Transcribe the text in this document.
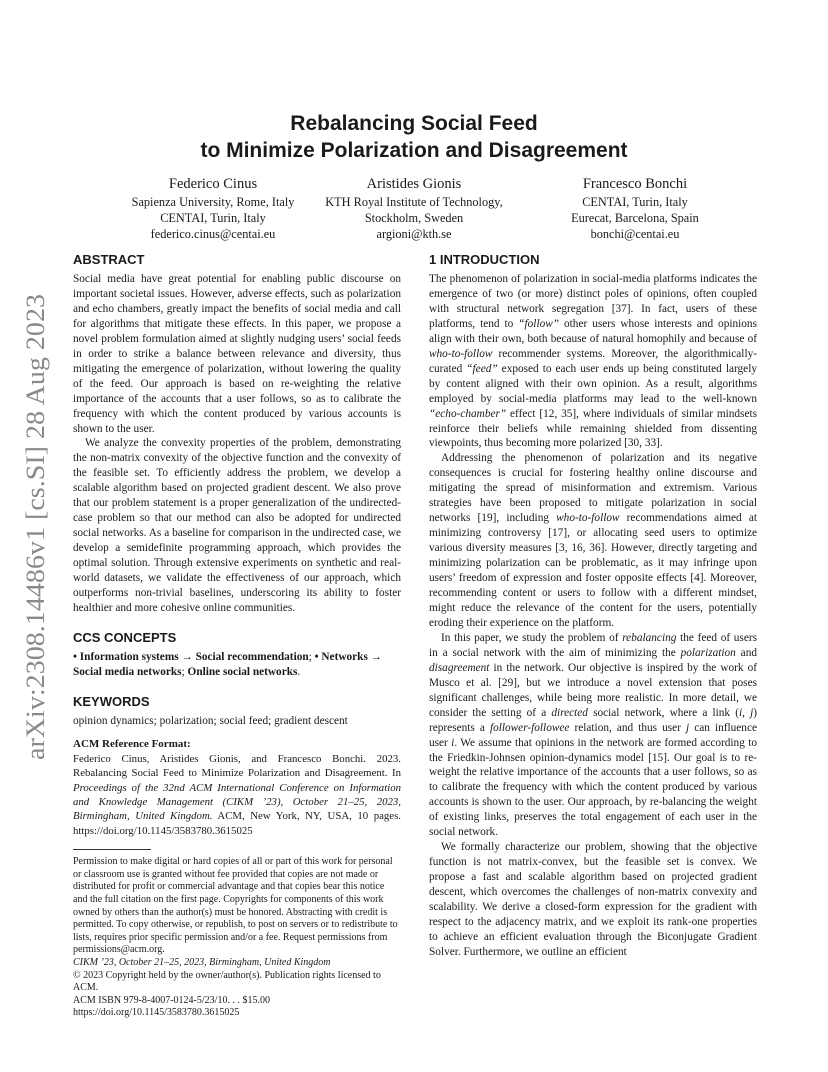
Rebalancing Social Feed
to Minimize Polarization and Disagreement
Federico Cinus
Sapienza University, Rome, Italy
CENTAI, Turin, Italy
federico.cinus@centai.eu
Aristides Gionis
KTH Royal Institute of Technology,
Stockholm, Sweden
argioni@kth.se
Francesco Bonchi
CENTAI, Turin, Italy
Eurecat, Barcelona, Spain
bonchi@centai.eu
arXiv:2308.14486v1 [cs.SI] 28 Aug 2023
ABSTRACT

Social media have great potential for enabling public discourse on important societal issues. However, adverse effects, such as polarization and echo chambers, greatly impact the benefits of social media and call for algorithms that mitigate these effects. In this paper, we propose a novel problem formulation aimed at slightly nudging users’ social feeds in order to strike a balance between relevance and diversity, thus mitigating the emergence of polarization, without lowering the quality of the feed. Our approach is based on re-weighting the relative importance of the accounts that a user follows, so as to calibrate the frequency with which the content produced by various accounts is shown to the user.

We analyze the convexity properties of the problem, demonstrating the non-matrix convexity of the objective function and the convexity of the feasible set. To efficiently address the problem, we develop a scalable algorithm based on projected gradient descent. We also prove that our problem statement is a proper generalization of the undirected-case problem so that our method can also be adopted for undirected social networks. As a baseline for comparison in the undirected case, we develop a semidefinite programming approach, which provides the optimal solution. Through extensive experiments on synthetic and real-world datasets, we validate the effectiveness of our approach, which outperforms non-trivial baselines, underscoring its ability to foster healthier and more cohesive online communities.

CCS CONCEPTS

• Information systems → Social recommendation; • Networks → Social media networks; Online social networks.

KEYWORDS

opinion dynamics; polarization; social feed; gradient descent

ACM Reference Format:

Federico Cinus, Aristides Gionis, and Francesco Bonchi. 2023. Rebalancing Social Feed to Minimize Polarization and Disagreement. In Proceedings of the 32nd ACM International Conference on Information and Knowledge Management (CIKM ’23), October 21–25, 2023, Birmingham, United Kingdom. ACM, New York, NY, USA, 10 pages. https://doi.org/10.1145/3583780.3615025

Permission to make digital or hard copies of all or part of this work for personal or classroom use is granted without fee provided that copies are not made or distributed for profit or commercial advantage and that copies bear this notice and the full citation on the first page. Copyrights for components of this work owned by others than the author(s) must be honored. Abstracting with credit is permitted. To copy otherwise, or republish, to post on servers or to redistribute to lists, requires prior specific permission and/or a fee. Request permissions from permissions@acm.org.

CIKM ’23, October 21–25, 2023, Birmingham, United Kingdom

© 2023 Copyright held by the owner/author(s). Publication rights licensed to ACM.

ACM ISBN 979-8-4007-0124-5/23/10. . . $15.00

https://doi.org/10.1145/3583780.3615025

1 INTRODUCTION

The phenomenon of polarization in social-media platforms indicates the emergence of two (or more) distinct poles of opinions, often coupled with structural network segregation [37]. In fact, users of these platforms, tend to “follow” other users whose interests and opinions align with their own, both because of natural homophily and because of who-to-follow recommender systems. Moreover, the algorithmically-curated “feed” exposed to each user ends up being constituted largely by content aligned with their own opinion. As a result, algorithms employed by social-media platforms may lead to the well-known “echo-chamber” effect [12, 35], where individuals of similar mindsets reinforce their beliefs while remaining shielded from dissenting viewpoints, thus becoming more polarized [30, 33].

Addressing the phenomenon of polarization and its negative consequences is crucial for fostering healthy online discourse and mitigating the spread of misinformation and extremism. Various strategies have been proposed to mitigate polarization in social networks [19], including who-to-follow recommendations aimed at minimizing controversy [17], or allocating seed users to optimize various diversity measures [3, 16, 36]. However, directly targeting and minimizing polarization can be problematic, as it may infringe upon users’ freedom of expression and foster opposite effects [4]. Moreover, recommending content or users to follow with a different mindset, might reduce the relevance of the content for the users, potentially eroding their experience on the platform.

In this paper, we study the problem of rebalancing the feed of users in a social network with the aim of minimizing the polarization and disagreement in the network. Our objective is inspired by the work of Musco et al. [29], but we introduce a novel extension that poses significant challenges, while being more realistic. In more detail, we consider the setting of a directed social network, where a link (i, j) represents a follower-followee relation, and thus user j can influence user i. We assume that opinions in the network are formed according to the Friedkin-Johnsen opinion-dynamics model [15]. Our goal is to re-weight the relative importance of the accounts that a user follows, so as to calibrate the frequency with which the content produced by various accounts is shown to the user. Our approach, by re-balancing the weight of existing links, preserves the total engagement of each user in the social network.

We formally characterize our problem, showing that the objective function is not matrix-convex, but the feasible set is convex. We propose a fast and scalable algorithm based on projected gradient descent, which overcomes the challenges of non-matrix convexity and scalability. We derive a closed-form expression for the gradient with respect to the adjacency matrix, and we exploit its rank-one properties to achieve an efficient evaluation through the Biconjugate Gradient Solver. Furthermore, we outline an efficient
